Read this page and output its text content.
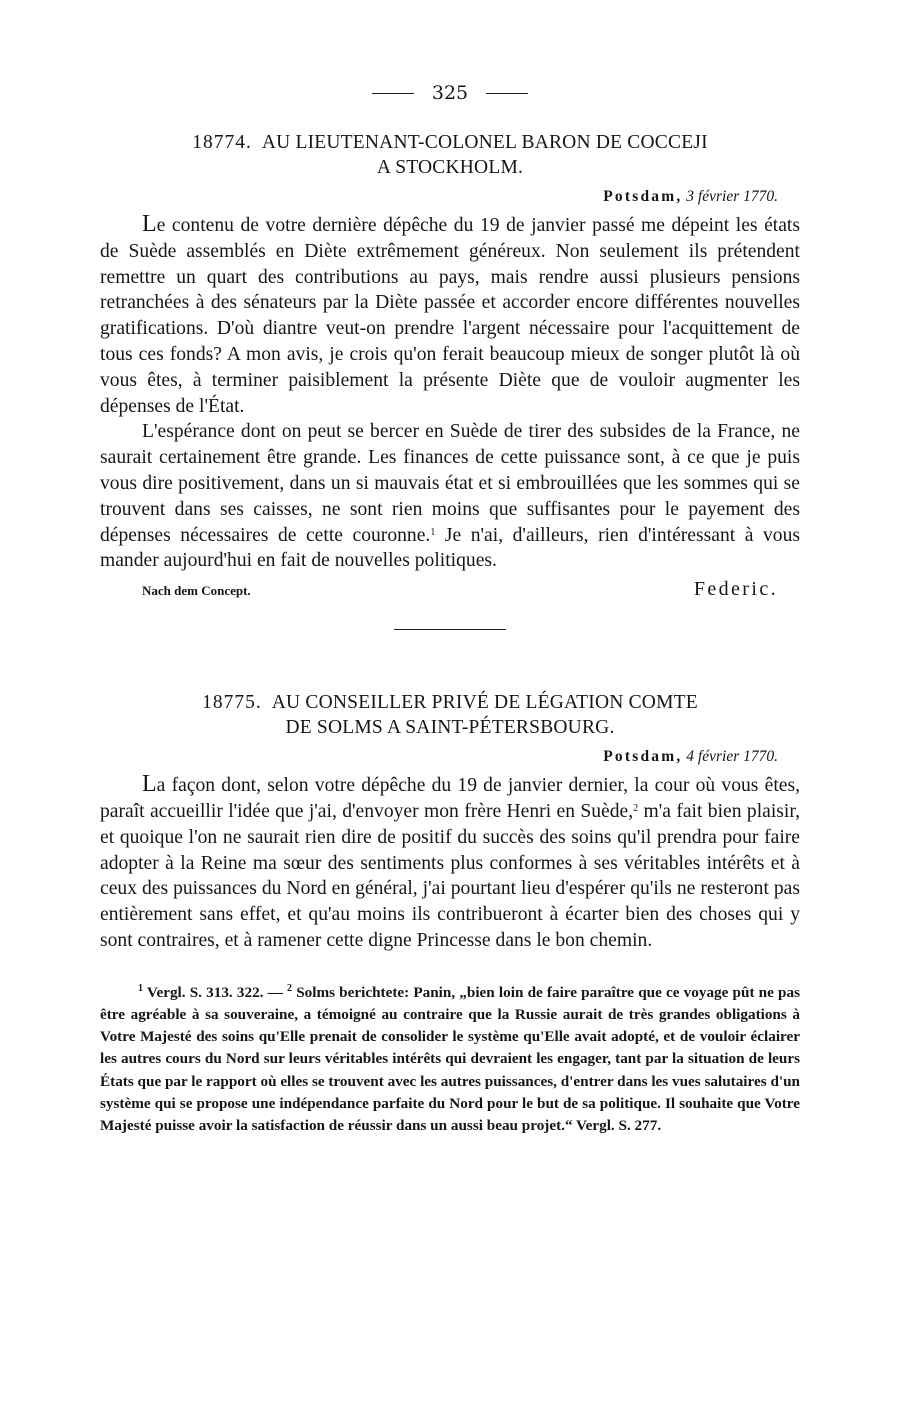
325
18774. AU LIEUTENANT-COLONEL BARON DE COCCEJI
A STOCKHOLM.
Potsdam, 3 février 1770.

Le contenu de votre dernière dépêche du 19 de janvier passé me dépeint les états de Suède assemblés en Diète extrêmement généreux. Non seulement ils prétendent remettre un quart des contributions au pays, mais rendre aussi plusieurs pensions retranchées à des sénateurs par la Diète passée et accorder encore différentes nouvelles gratifications. D'où diantre veut-on prendre l'argent nécessaire pour l'acquittement de tous ces fonds? A mon avis, je crois qu'on ferait beaucoup mieux de songer plutôt là où vous êtes, à terminer paisiblement la présente Diète que de vouloir augmenter les dépenses de l'État.

L'espérance dont on peut se bercer en Suède de tirer des subsides de la France, ne saurait certainement être grande. Les finances de cette puissance sont, à ce que je puis vous dire positivement, dans un si mauvais état et si embrouillées que les sommes qui se trouvent dans ses caisses, ne sont rien moins que suffisantes pour le payement des dépenses nécessaires de cette couronne.$^1$ Je n'ai, d'ailleurs, rien d'intéressant à vous mander aujourd'hui en fait de nouvelles politiques.

Nach dem Concept.	Federic.
18775. AU CONSEILLER PRIVÉ DE LÉGATION COMTE
DE SOLMS A SAINT-PÉTERSBOURG.
Potsdam, 4 février 1770.

La façon dont, selon votre dépêche du 19 de janvier dernier, la cour où vous êtes, paraît accueillir l'idée que j'ai, d'envoyer mon frère Henri en Suède,$^2$ m'a fait bien plaisir, et quoique l'on ne saurait rien dire de positif du succès des soins qu'il prendra pour faire adopter à la Reine ma sœur des sentiments plus conformes à ses véritables intérêts et à ceux des puissances du Nord en général, j'ai pourtant lieu d'espérer qu'ils ne resteront pas entièrement sans effet, et qu'au moins ils contribueront à écarter bien des choses qui y sont contraires, et à ramener cette digne Princesse dans le bon chemin.

$^1$ Vergl. S. 313. 322. — $^2$ Solms berichtete: Panin, „bien loin de faire paraître que ce voyage pût ne pas être agréable à sa souveraine, a témoigné au contraire que la Russie aurait de très grandes obligations à Votre Majesté des soins qu'Elle prenait de consolider le système qu'Elle avait adopté, et de vouloir éclairer les autres cours du Nord sur leurs véritables intérêts qui devraient les engager, tant par la situation de leurs États que par le rapport où elles se trouvent avec les autres puissances, d'entrer dans les vues salutaires d'un système qui se propose une indépendance parfaite du Nord pour le but de sa politique. Il souhaite que Votre Majesté puisse avoir la satisfaction de réussir dans un aussi beau projet.“ Vergl. S. 277.
